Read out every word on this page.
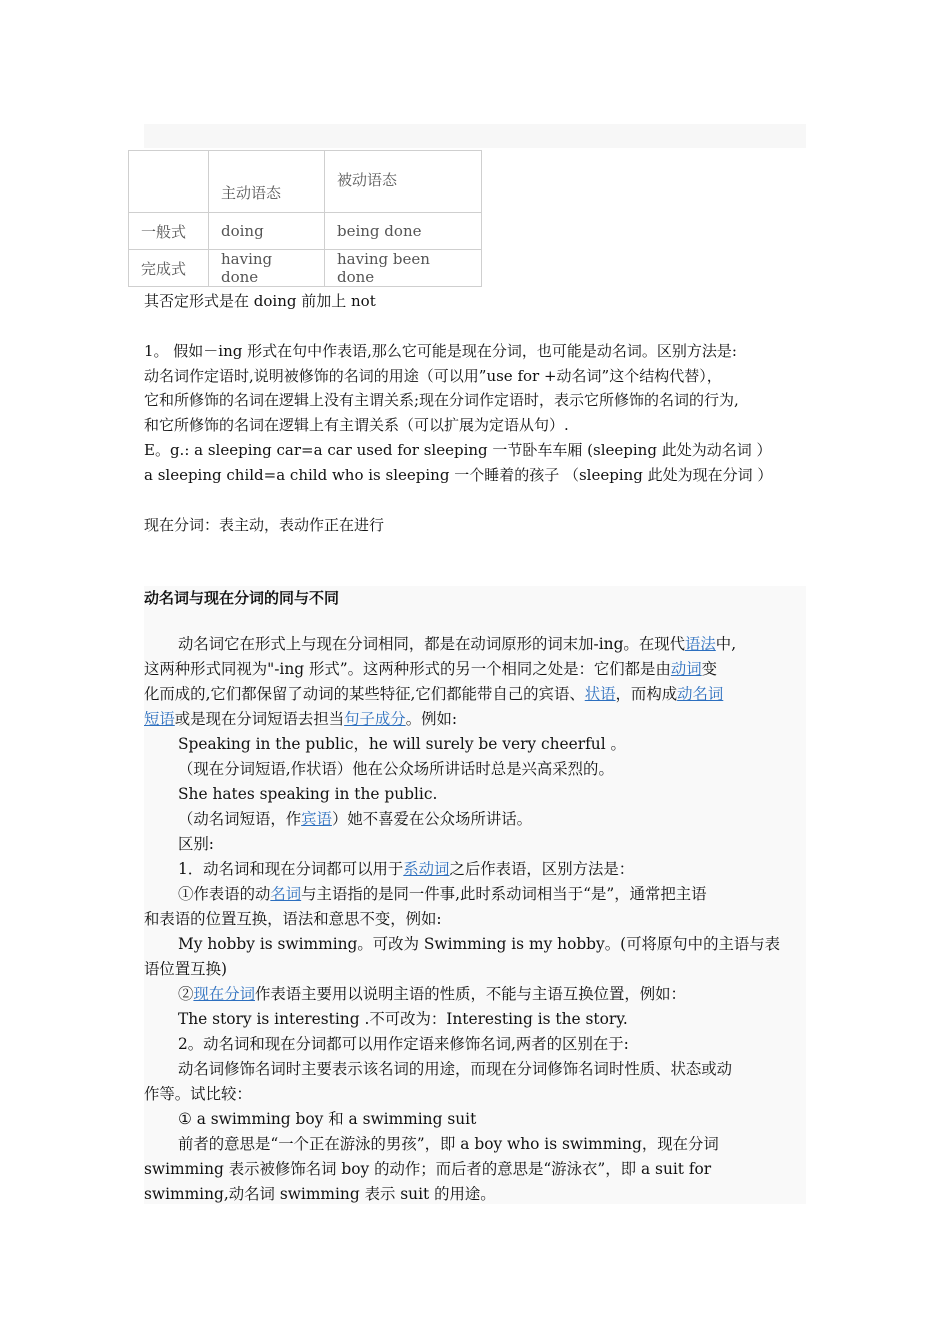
	主动语态	被动语态

一般式	doing	being done
完成式	having done	having been done
其否定形式是在 doing 前加上 not
1。 假如－ing 形式在句中作表语,那么它可能是现在分词，也可能是动名词。区别方法是:
动名词作定语时,说明被修饰的名词的用途（可以用”use for +动名词”这个结构代替），
它和所修饰的名词在逻辑上没有主谓关系;现在分词作定语时，表示它所修饰的名词的行为,
和它所修饰的名词在逻辑上有主谓关系（可以扩展为定语从句）.
E。g.: a sleeping car=a car used for sleeping 一节卧车车厢 (sleeping 此处为动名词 ）
a sleeping child=a child who is sleeping 一个睡着的孩子 （sleeping 此处为现在分词 ）
现在分词：表主动，表动作正在进行
动名词与现在分词的同与不同
动名词它在形式上与现在分词相同，都是在动词原形的词末加-ing。在现代语法中,
这两种形式同视为"-ing 形式”。这两种形式的另一个相同之处是：它们都是由动词变
化而成的,它们都保留了动词的某些特征,它们都能带自己的宾语、状语，而构成动名词
短语或是现在分词短语去担当句子成分。例如:
Speaking in the public，he will surely be very cheerful 。
（现在分词短语,作状语）他在公众场所讲话时总是兴高采烈的。
She hates speaking in the public.
（动名词短语，作宾语）她不喜爱在公众场所讲话。
区别:
1．动名词和现在分词都可以用于系动词之后作表语，区别方法是：
①作表语的动名词与主语指的是同一件事,此时系动词相当于“是”，通常把主语
和表语的位置互换，语法和意思不变，例如:
My hobby is swimming。可改为 Swimming is my hobby。(可将原句中的主语与表
语位置互换)
②现在分词作表语主要用以说明主语的性质，不能与主语互换位置，例如：
The story is interesting .不可改为：Interesting is the story.
2。动名词和现在分词都可以用作定语来修饰名词,两者的区别在于:
动名词修饰名词时主要表示该名词的用途，而现在分词修饰名词时性质、状态或动
作等。试比较：
① a swimming boy 和 a swimming suit
前者的意思是“一个正在游泳的男孩”，即 a boy who is swimming，现在分词
swimming 表示被修饰名词 boy 的动作；而后者的意思是“游泳衣”，即 a suit for
swimming,动名词 swimming 表示 suit 的用途。
